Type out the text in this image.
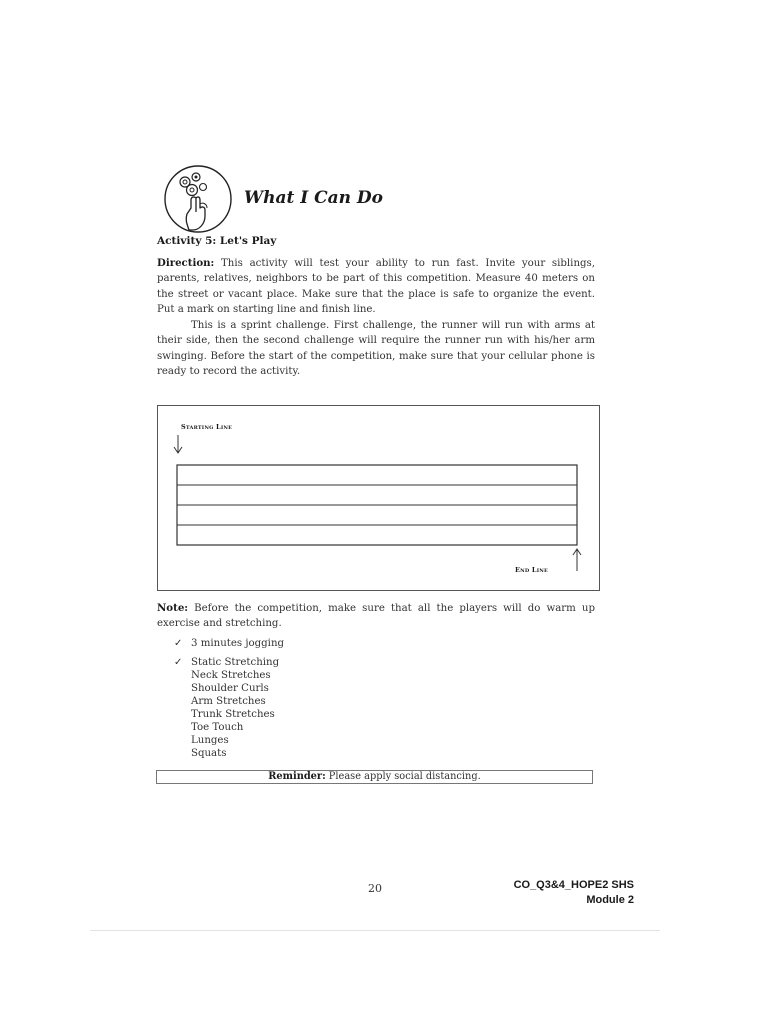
What I Can Do
Activity 5: Let's Play
Direction: This activity will test your ability to run fast. Invite your siblings, parents, relatives, neighbors to be part of this competition. Measure 40 meters on the street or vacant place. Make sure that the place is safe to organize the event. Put a mark on starting line and finish line.
This is a sprint challenge. First challenge, the runner will run with arms at their side, then the second challenge will require the runner run with his/her arm swinging. Before the start of the competition, make sure that your cellular phone is ready to record the activity.
Starting Line
End Line
Note: Before the competition, make sure that all the players will do warm up exercise and stretching.
✓ 3 minutes jogging
✓ Static Stretching
Neck Stretches
Shoulder Curls
Arm Stretches
Trunk Stretches
Toe Touch
Lunges
Squats
Reminder: Please apply social distancing.
20	CO_Q3&4_HOPE2 SHS
Module 2
